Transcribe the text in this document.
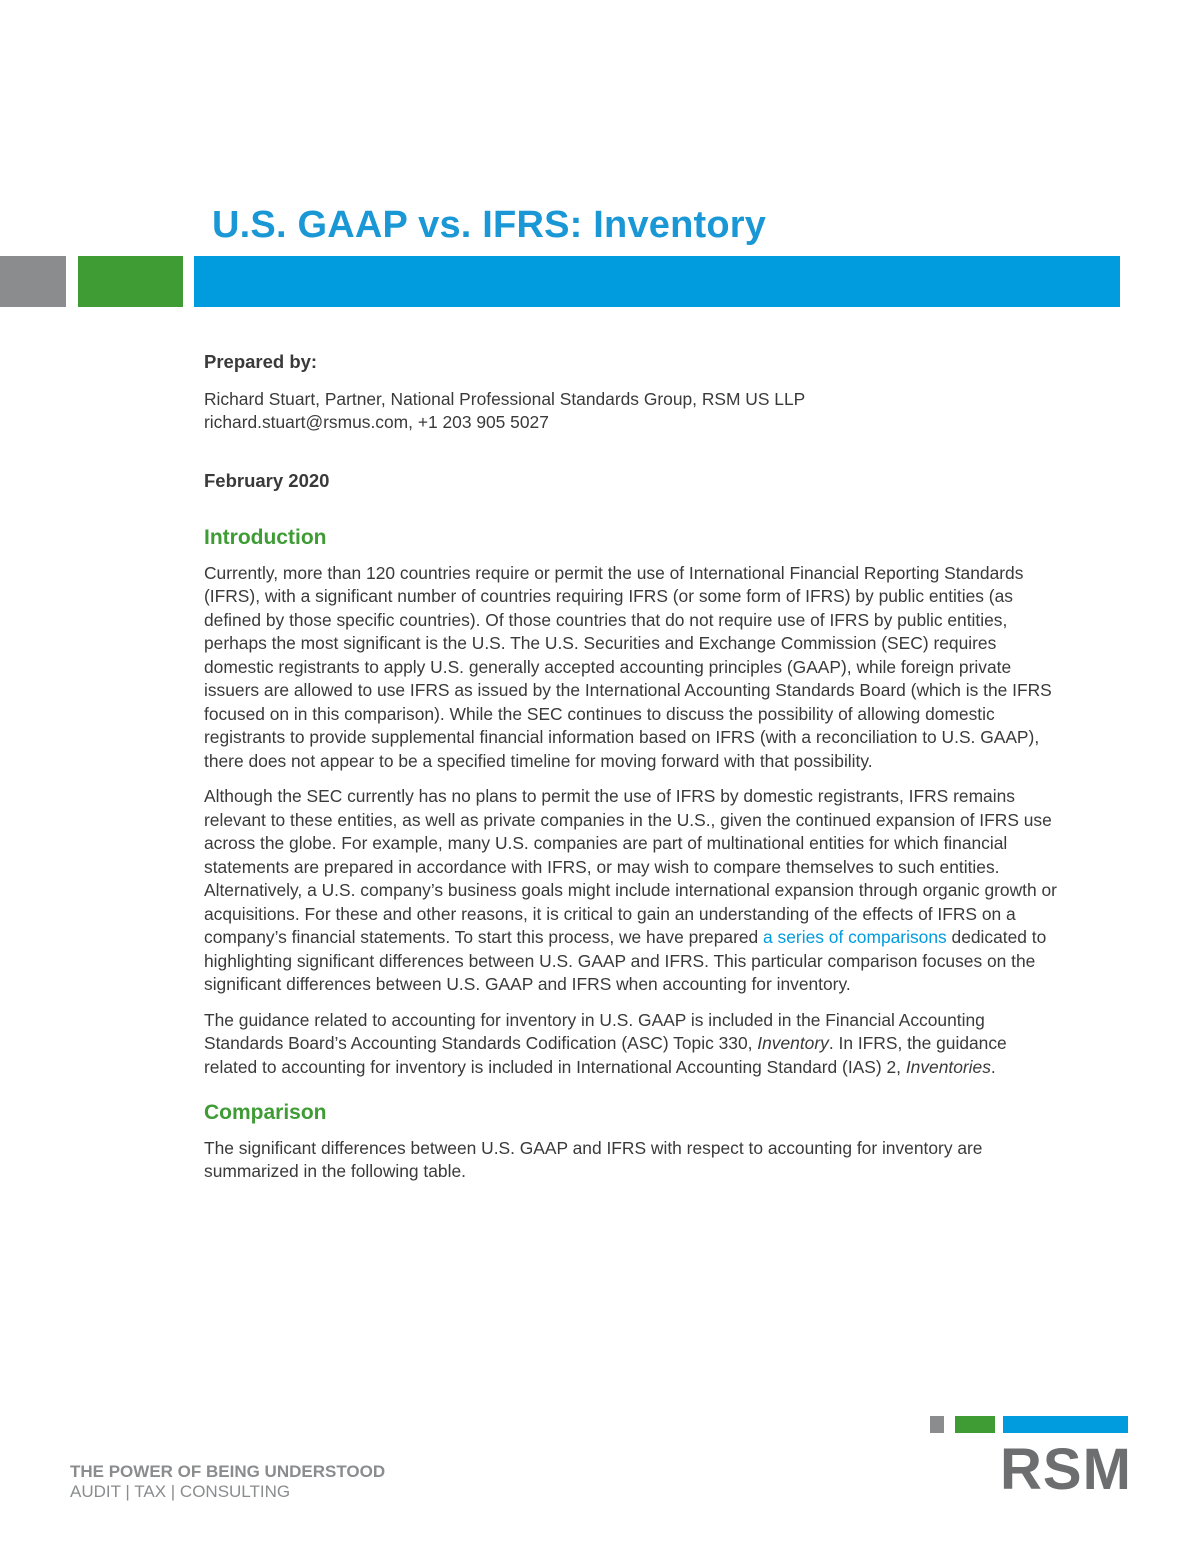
U.S. GAAP vs. IFRS: Inventory

Prepared by:

Richard Stuart, Partner, National Professional Standards Group, RSM US LLP

richard.stuart@rsmus.com, +1 203 905 5027

February 2020

Introduction

Currently, more than 120 countries require or permit the use of International Financial Reporting Standards (IFRS), with a significant number of countries requiring IFRS (or some form of IFRS) by public entities (as defined by those specific countries). Of those countries that do not require use of IFRS by public entities, perhaps the most significant is the U.S. The U.S. Securities and Exchange Commission (SEC) requires domestic registrants to apply U.S. generally accepted accounting principles (GAAP), while foreign private issuers are allowed to use IFRS as issued by the International Accounting Standards Board (which is the IFRS focused on in this comparison). While the SEC continues to discuss the possibility of allowing domestic registrants to provide supplemental financial information based on IFRS (with a reconciliation to U.S. GAAP), there does not appear to be a specified timeline for moving forward with that possibility.

Although the SEC currently has no plans to permit the use of IFRS by domestic registrants, IFRS remains relevant to these entities, as well as private companies in the U.S., given the continued expansion of IFRS use across the globe. For example, many U.S. companies are part of multinational entities for which financial statements are prepared in accordance with IFRS, or may wish to compare themselves to such entities. Alternatively, a U.S. company’s business goals might include international expansion through organic growth or acquisitions. For these and other reasons, it is critical to gain an understanding of the effects of IFRS on a company’s financial statements. To start this process, we have prepared a series of comparisons dedicated to highlighting significant differences between U.S. GAAP and IFRS. This particular comparison focuses on the significant differences between U.S. GAAP and IFRS when accounting for inventory.

The guidance related to accounting for inventory in U.S. GAAP is included in the Financial Accounting Standards Board’s Accounting Standards Codification (ASC) Topic 330, Inventory. In IFRS, the guidance related to accounting for inventory is included in International Accounting Standard (IAS) 2, Inventories.

Comparison

The significant differences between U.S. GAAP and IFRS with respect to accounting for inventory are summarized in the following table.

THE POWER OF BEING UNDERSTOOD
AUDIT | TAX | CONSULTING	RSM
